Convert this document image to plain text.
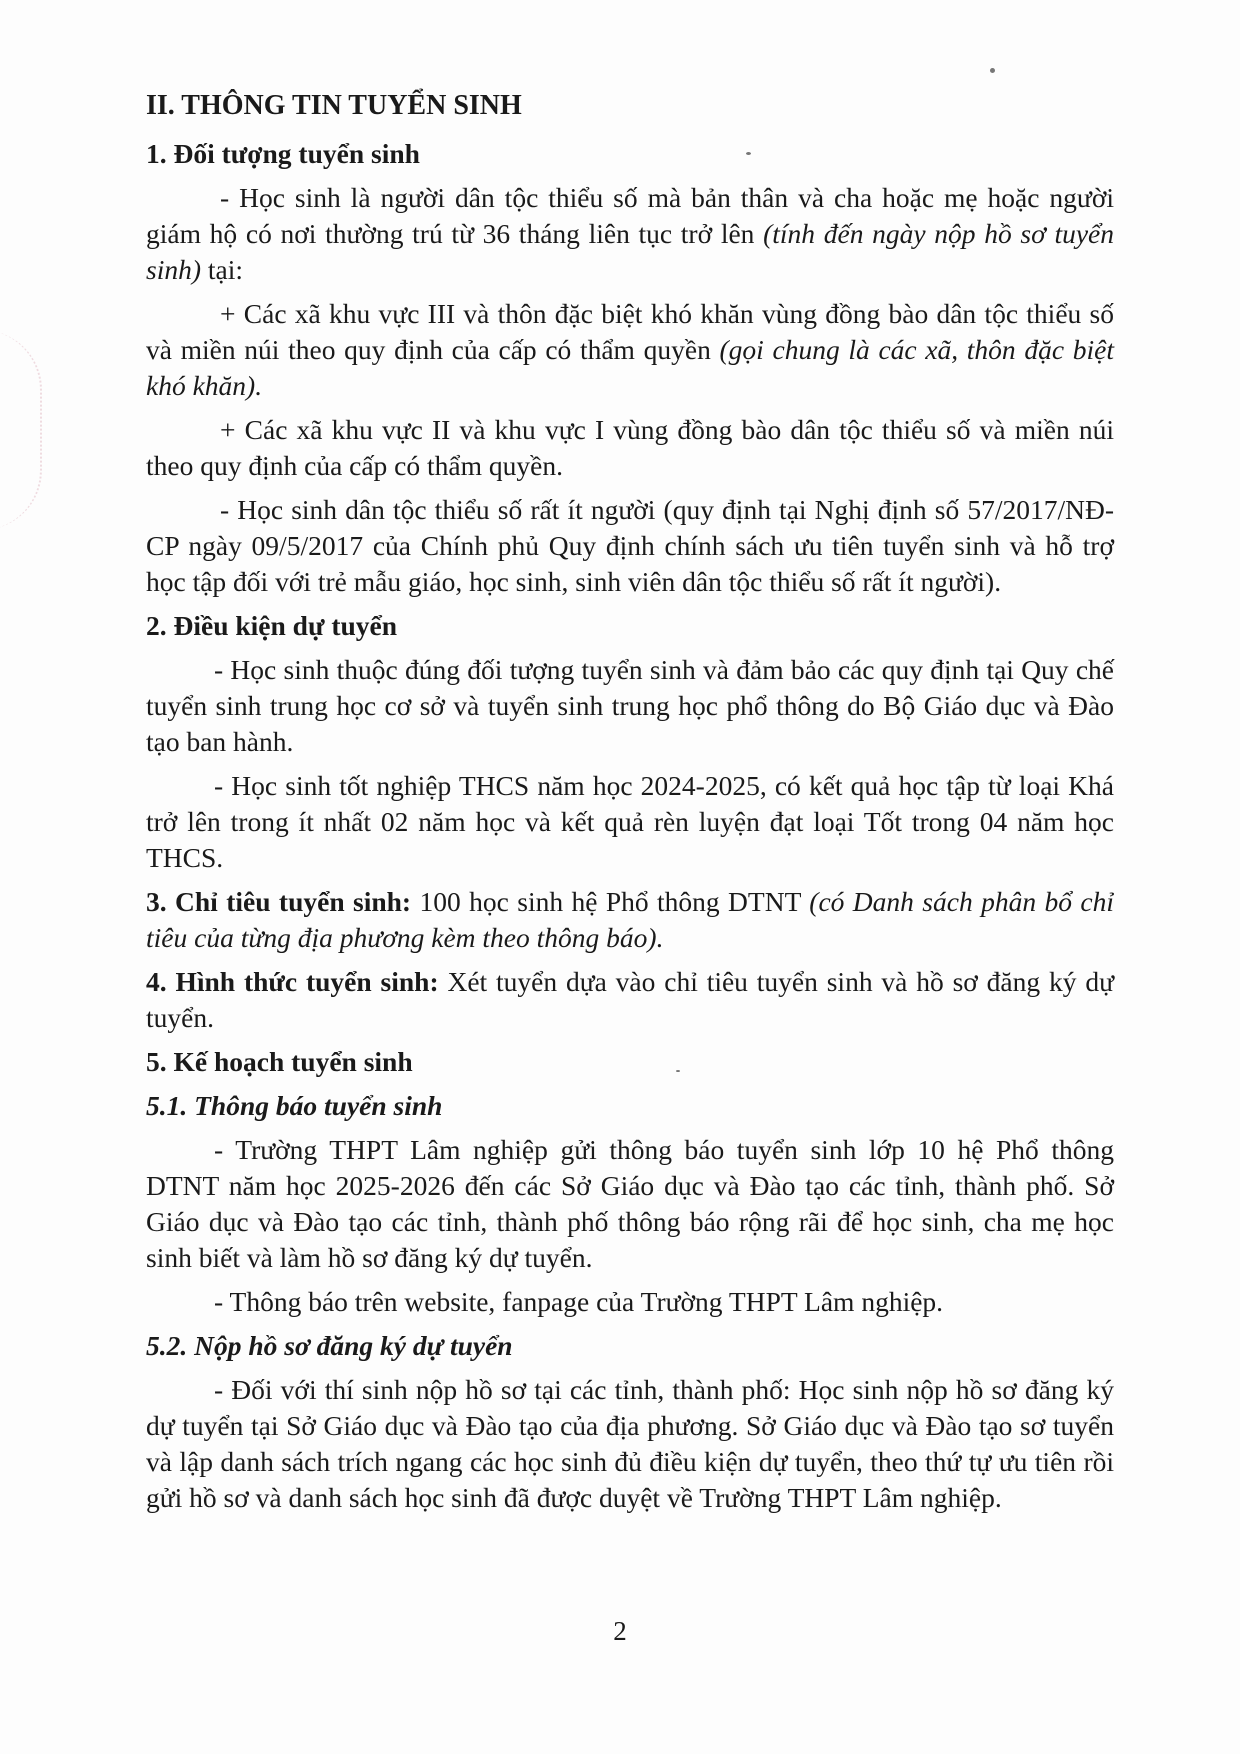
II. THÔNG TIN TUYỂN SINH

1. Đối tượng tuyển sinh

- Học sinh là người dân tộc thiểu số mà bản thân và cha hoặc mẹ hoặc người giám hộ có nơi thường trú từ 36 tháng liên tục trở lên (tính đến ngày nộp hồ sơ tuyển sinh) tại:

+ Các xã khu vực III và thôn đặc biệt khó khăn vùng đồng bào dân tộc thiểu số và miền núi theo quy định của cấp có thẩm quyền (gọi chung là các xã, thôn đặc biệt khó khăn).

+ Các xã khu vực II và khu vực I vùng đồng bào dân tộc thiểu số và miền núi theo quy định của cấp có thẩm quyền.

- Học sinh dân tộc thiểu số rất ít người (quy định tại Nghị định số 57/2017/NĐ-CP ngày 09/5/2017 của Chính phủ Quy định chính sách ưu tiên tuyển sinh và hỗ trợ học tập đối với trẻ mẫu giáo, học sinh, sinh viên dân tộc thiểu số rất ít người).

2. Điều kiện dự tuyển

- Học sinh thuộc đúng đối tượng tuyển sinh và đảm bảo các quy định tại Quy chế tuyển sinh trung học cơ sở và tuyển sinh trung học phổ thông do Bộ Giáo dục và Đào tạo ban hành.

- Học sinh tốt nghiệp THCS năm học 2024-2025, có kết quả học tập từ loại Khá trở lên trong ít nhất 02 năm học và kết quả rèn luyện đạt loại Tốt trong 04 năm học THCS.

3. Chỉ tiêu tuyển sinh: 100 học sinh hệ Phổ thông DTNT (có Danh sách phân bổ chỉ tiêu của từng địa phương kèm theo thông báo).

4. Hình thức tuyển sinh: Xét tuyển dựa vào chỉ tiêu tuyển sinh và hồ sơ đăng ký dự tuyển.

5. Kế hoạch tuyển sinh

5.1. Thông báo tuyển sinh

- Trường THPT Lâm nghiệp gửi thông báo tuyển sinh lớp 10 hệ Phổ thông DTNT năm học 2025-2026 đến các Sở Giáo dục và Đào tạo các tỉnh, thành phố. Sở Giáo dục và Đào tạo các tỉnh, thành phố thông báo rộng rãi để học sinh, cha mẹ học sinh biết và làm hồ sơ đăng ký dự tuyển.

- Thông báo trên website, fanpage của Trường THPT Lâm nghiệp.

5.2. Nộp hồ sơ đăng ký dự tuyển

- Đối với thí sinh nộp hồ sơ tại các tỉnh, thành phố: Học sinh nộp hồ sơ đăng ký dự tuyển tại Sở Giáo dục và Đào tạo của địa phương. Sở Giáo dục và Đào tạo sơ tuyển và lập danh sách trích ngang các học sinh đủ điều kiện dự tuyển, theo thứ tự ưu tiên rồi gửi hồ sơ và danh sách học sinh đã được duyệt về Trường THPT Lâm nghiệp.

2
